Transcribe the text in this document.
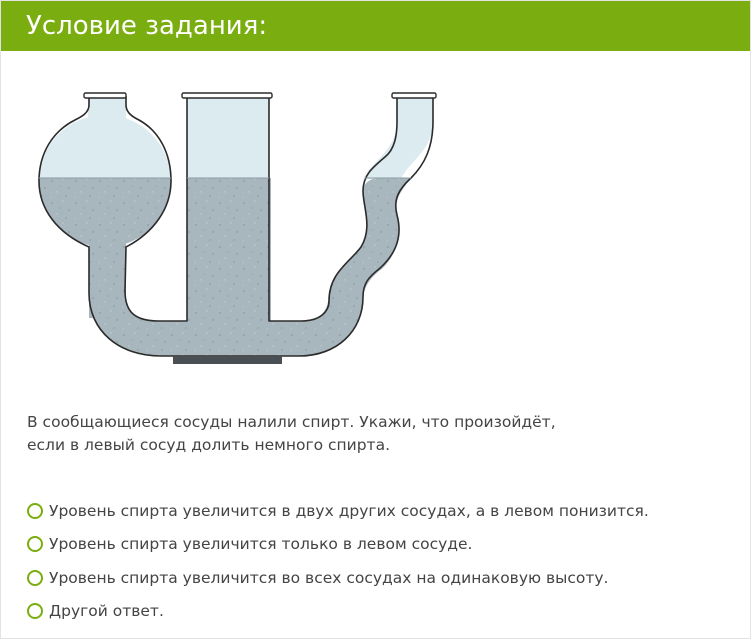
Условие задания:
В сообщающиеся сосуды налили спирт. Укажи, что произойдёт,
если в левый сосуд долить немного спирта.
Уровень спирта увеличится в двух других сосудах, а в левом понизится.
Уровень спирта увеличится только в левом сосуде.
Уровень спирта увеличится во всех сосудах на одинаковую высоту.
Другой ответ.
